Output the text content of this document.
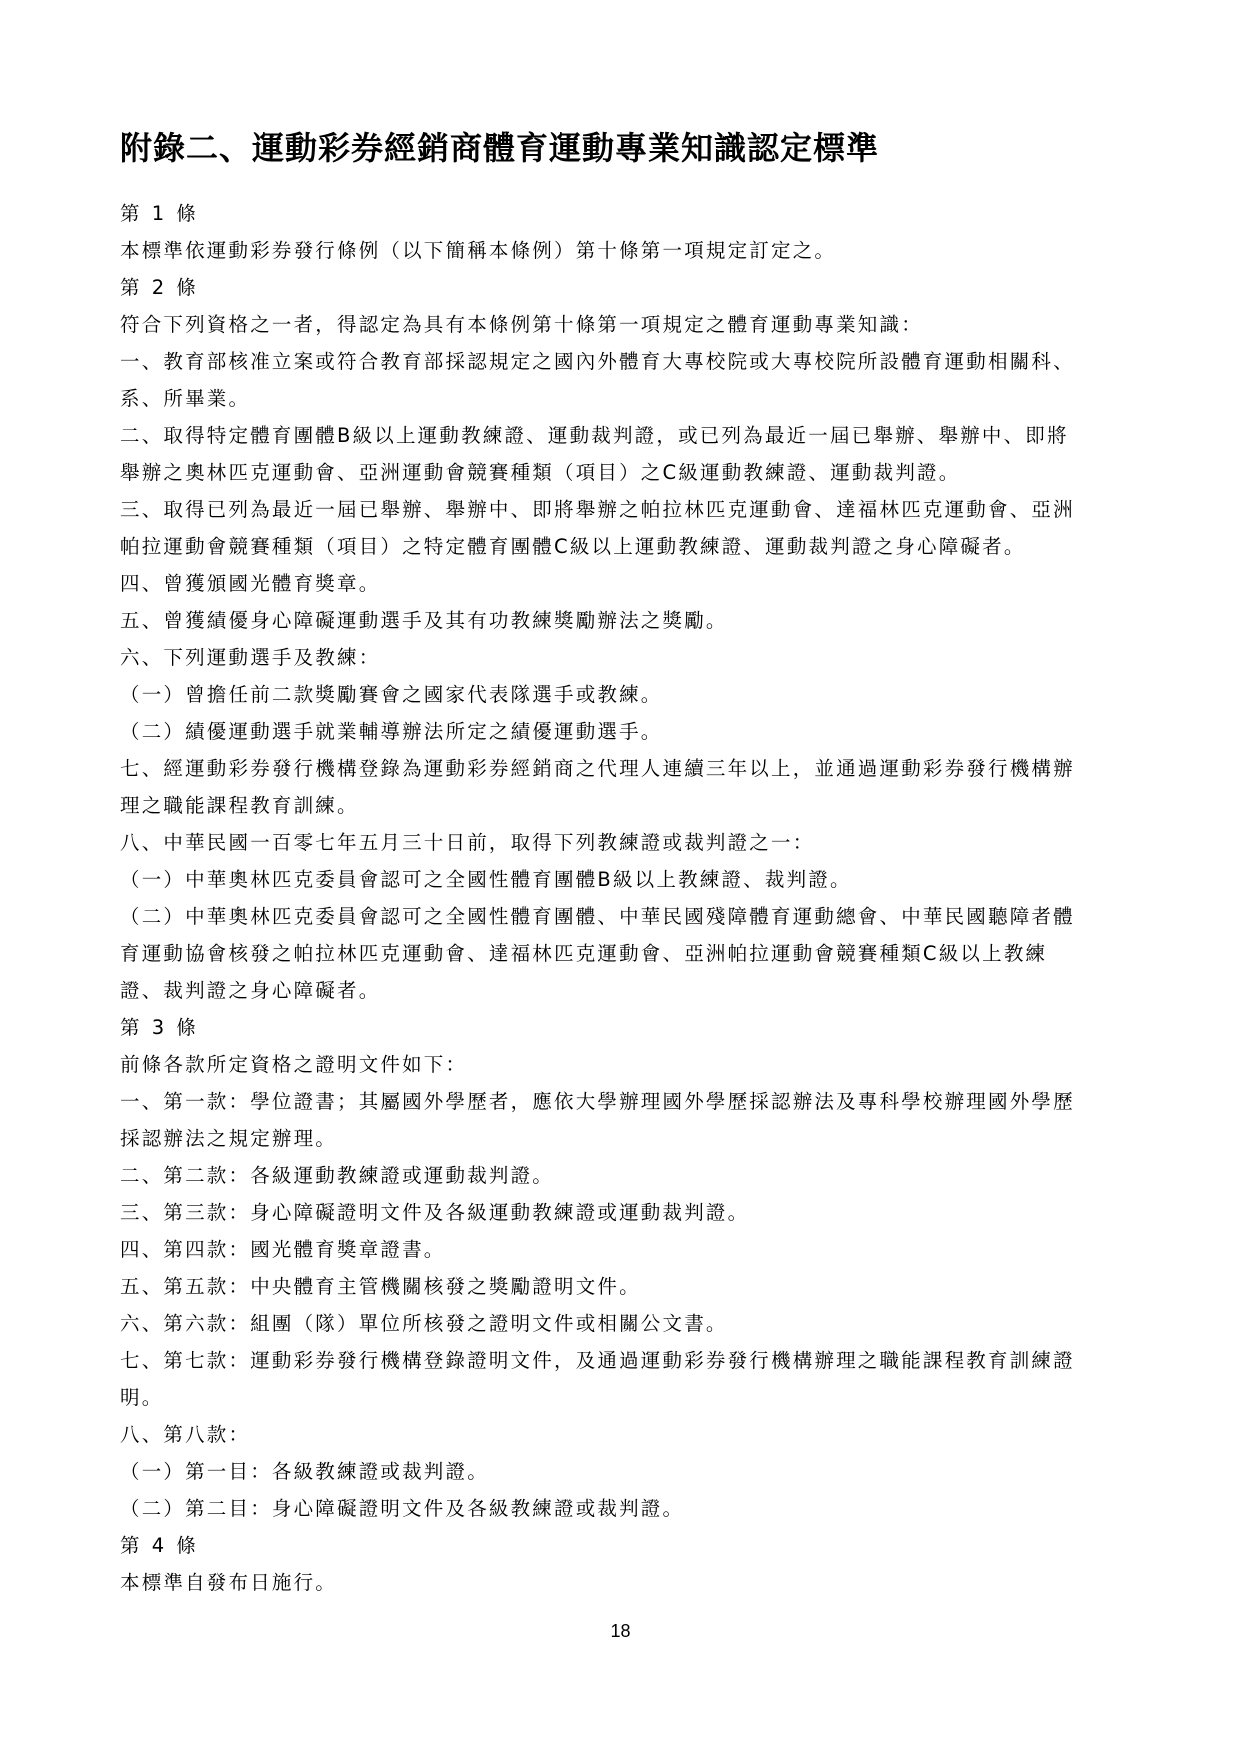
附錄二、運動彩券經銷商體育運動專業知識認定標準
第 1 條
本標準依運動彩券發行條例（以下簡稱本條例）第十條第一項規定訂定之。
第 2 條
符合下列資格之一者，得認定為具有本條例第十條第一項規定之體育運動專業知識：
一、教育部核准立案或符合教育部採認規定之國內外體育大專校院或大專校院所設體育運動相關科、
系、所畢業。
二、取得特定體育團體B級以上運動教練證、運動裁判證，或已列為最近一屆已舉辦、舉辦中、即將
舉辦之奧林匹克運動會、亞洲運動會競賽種類（項目）之C級運動教練證、運動裁判證。
三、取得已列為最近一屆已舉辦、舉辦中、即將舉辦之帕拉林匹克運動會、達福林匹克運動會、亞洲
帕拉運動會競賽種類（項目）之特定體育團體C級以上運動教練證、運動裁判證之身心障礙者。
四、曾獲頒國光體育獎章。
五、曾獲績優身心障礙運動選手及其有功教練獎勵辦法之獎勵。
六、下列運動選手及教練：
（一）曾擔任前二款獎勵賽會之國家代表隊選手或教練。
（二）績優運動選手就業輔導辦法所定之績優運動選手。
七、經運動彩券發行機構登錄為運動彩券經銷商之代理人連續三年以上，並通過運動彩券發行機構辦
理之職能課程教育訓練。
八、中華民國一百零七年五月三十日前，取得下列教練證或裁判證之一：
（一）中華奧林匹克委員會認可之全國性體育團體B級以上教練證、裁判證。
（二）中華奧林匹克委員會認可之全國性體育團體、中華民國殘障體育運動總會、中華民國聽障者體
育運動協會核發之帕拉林匹克運動會、達福林匹克運動會、亞洲帕拉運動會競賽種類C級以上教練
證、裁判證之身心障礙者。
第 3 條
前條各款所定資格之證明文件如下：
一、第一款：學位證書；其屬國外學歷者，應依大學辦理國外學歷採認辦法及專科學校辦理國外學歷
採認辦法之規定辦理。
二、第二款：各級運動教練證或運動裁判證。
三、第三款：身心障礙證明文件及各級運動教練證或運動裁判證。
四、第四款：國光體育獎章證書。
五、第五款：中央體育主管機關核發之獎勵證明文件。
六、第六款：組團（隊）單位所核發之證明文件或相關公文書。
七、第七款：運動彩券發行機構登錄證明文件，及通過運動彩券發行機構辦理之職能課程教育訓練證
明。
八、第八款：
（一）第一目：各級教練證或裁判證。
（二）第二目：身心障礙證明文件及各級教練證或裁判證。
第 4 條
本標準自發布日施行。
18
